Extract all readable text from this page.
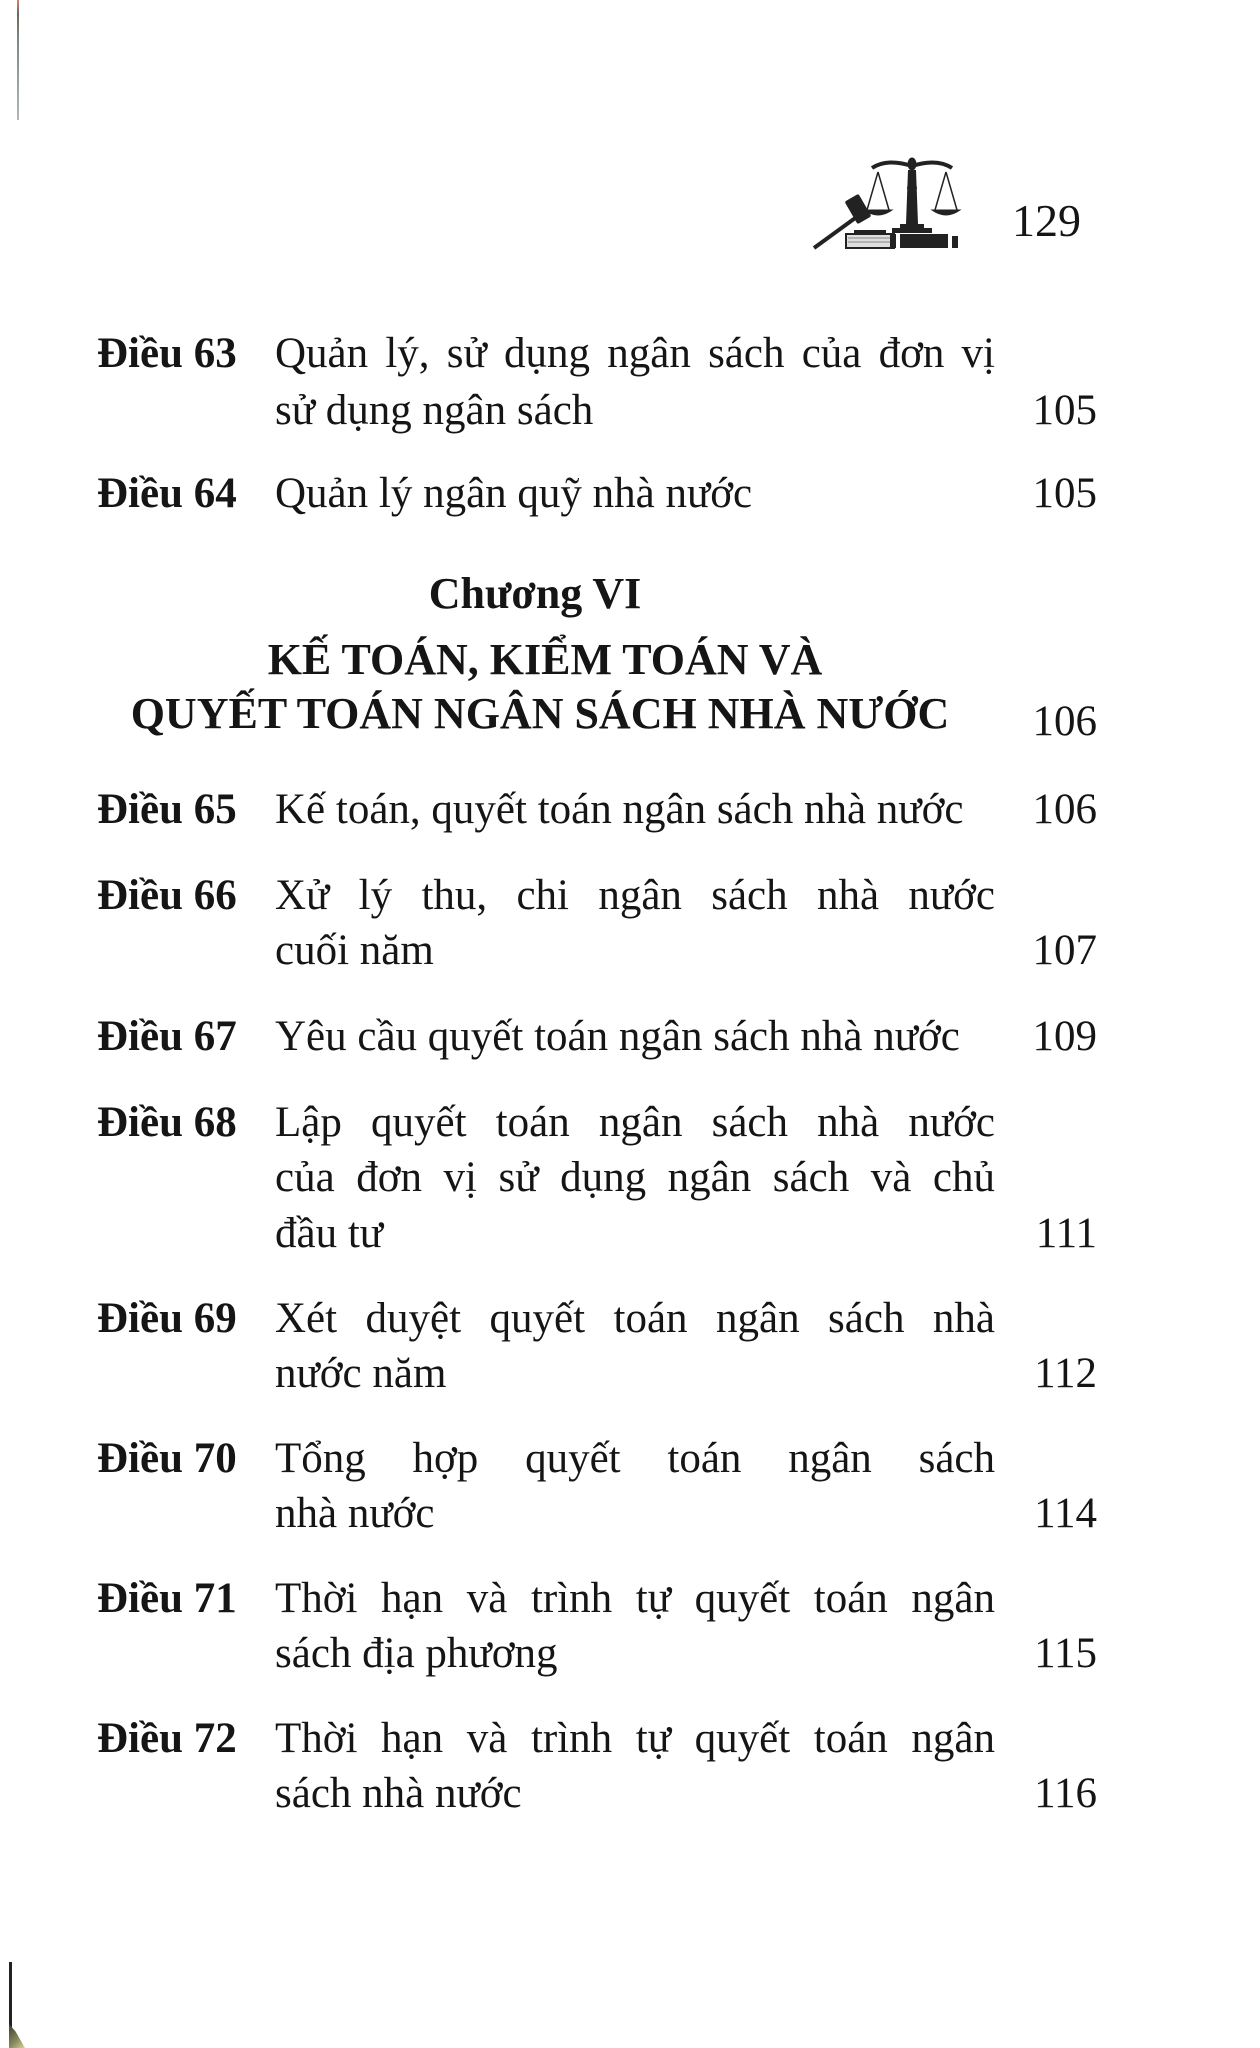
129
Điều 63 Quản lý, sử dụng ngân sách của đơn vị
sử dụng ngân sách	105
Điều 64 Quản lý ngân quỹ nhà nước	105
Chương VI
KẾ TOÁN, KIỂM TOÁN VÀ
QUYẾT TOÁN NGÂN SÁCH NHÀ NƯỚC	106
Điều 65 Kế toán, quyết toán ngân sách nhà nước	106
Điều 66 Xử lý thu, chi ngân sách nhà nước
cuối năm	107
Điều 67 Yêu cầu quyết toán ngân sách nhà nước	109
Điều 68 Lập quyết toán ngân sách nhà nước
của đơn vị sử dụng ngân sách và chủ
đầu tư	111
Điều 69 Xét duyệt quyết toán ngân sách nhà
nước năm	112
Điều 70 Tổng hợp quyết toán ngân sách
nhà nước	114
Điều 71 Thời hạn và trình tự quyết toán ngân
sách địa phương	115
Điều 72 Thời hạn và trình tự quyết toán ngân
sách nhà nước	116
